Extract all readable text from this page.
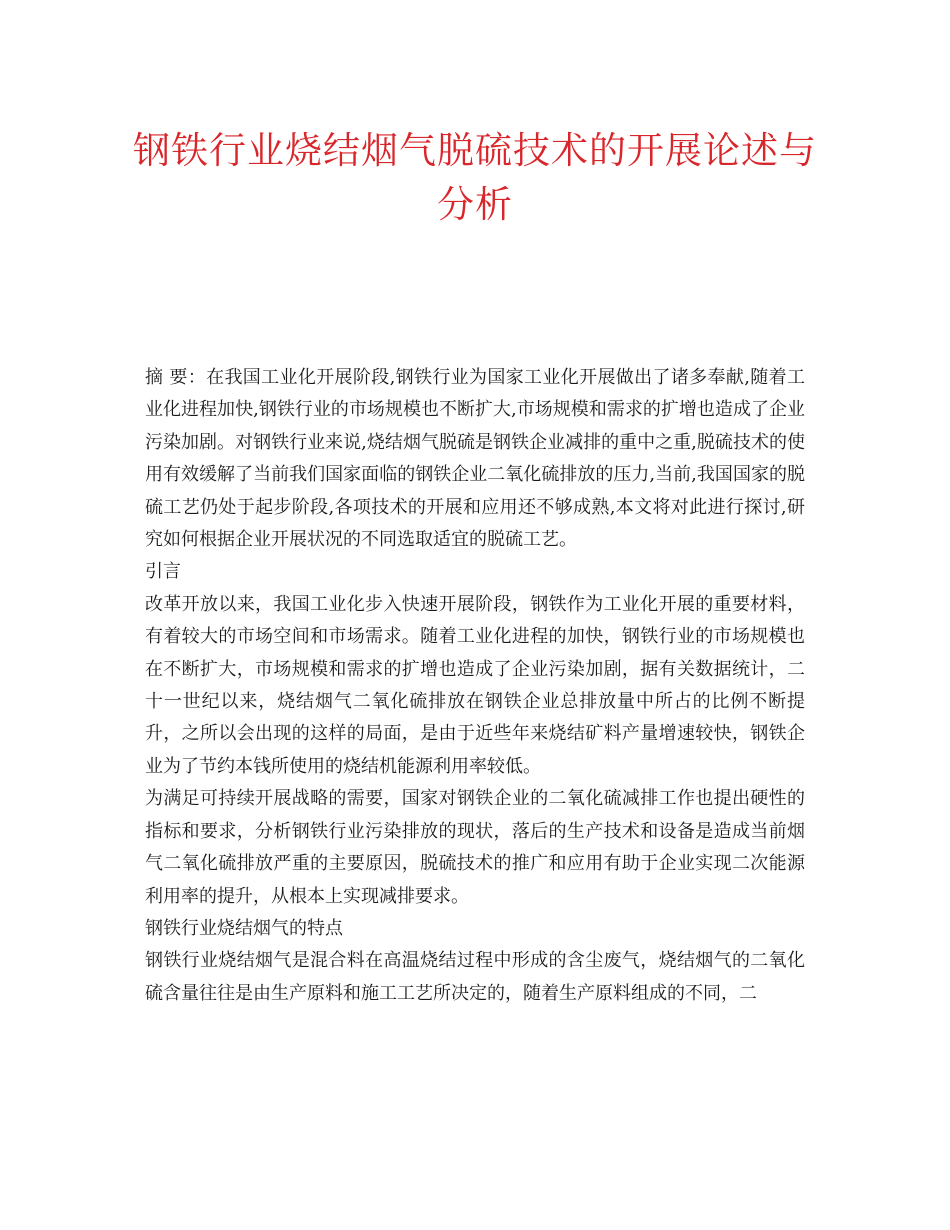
钢铁行业烧结烟气脱硫技术的开展论述与分析

摘 要：在我国工业化开展阶段,钢铁行业为国家工业化开展做出了诸多奉献,随着工业化进程加快,钢铁行业的市场规模也不断扩大,市场规模和需求的扩增也造成了企业污染加剧。对钢铁行业来说,烧结烟气脱硫是钢铁企业减排的重中之重,脱硫技术的使用有效缓解了当前我们国家面临的钢铁企业二氧化硫排放的压力,当前,我国国家的脱硫工艺仍处于起步阶段,各项技术的开展和应用还不够成熟,本文将对此进行探讨,研究如何根据企业开展状况的不同选取适宜的脱硫工艺。

引言

改革开放以来，我国工业化步入快速开展阶段，钢铁作为工业化开展的重要材料，有着较大的市场空间和市场需求。随着工业化进程的加快，钢铁行业的市场规模也在不断扩大，市场规模和需求的扩增也造成了企业污染加剧，据有关数据统计，二十一世纪以来，烧结烟气二氧化硫排放在钢铁企业总排放量中所占的比例不断提升，之所以会出现的这样的局面，是由于近些年来烧结矿料产量增速较快，钢铁企业为了节约本钱所使用的烧结机能源利用率较低。

为满足可持续开展战略的需要，国家对钢铁企业的二氧化硫减排工作也提出硬性的指标和要求，分析钢铁行业污染排放的现状，落后的生产技术和设备是造成当前烟气二氧化硫排放严重的主要原因，脱硫技术的推广和应用有助于企业实现二次能源利用率的提升，从根本上实现减排要求。

钢铁行业烧结烟气的特点

钢铁行业烧结烟气是混合料在高温烧结过程中形成的含尘废气，烧结烟气的二氧化硫含量往往是由生产原料和施工工艺所决定的，随着生产原料组成的不同，二
